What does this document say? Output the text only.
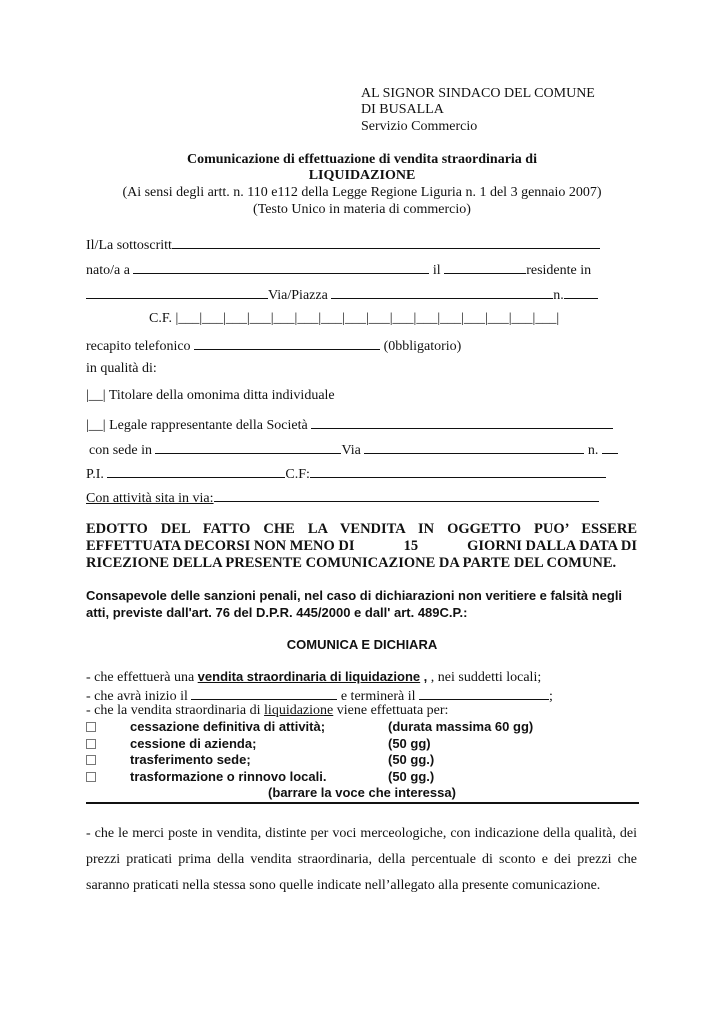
AL SIGNOR SINDACO DEL COMUNE
DI BUSALLA
Servizio Commercio
Comunicazione di effettuazione di vendita straordinaria di
LIQUIDAZIONE
(Ai sensi degli artt. n. 110 e112 della Legge Regione Liguria n. 1 del 3 gennaio 2007)
(Testo Unico in materia di commercio)
Il/La sottoscritt
nato/a a	il	residente in
Via/Piazza	n.
C.F. |___|___|___|___|___|___|___|___|___|___|___|___|___|___|___|___|
recapito telefonico	(0bbligatorio)
in qualità di:
|__| Titolare della omonima ditta individuale
|__| Legale rappresentante della Società
con sede in	Via	n.
P.I.	C.F:
Con attività sita in via:
EDOTTO DEL FATTO CHE LA VENDITA IN OGGETTO PUO’ ESSERE
EFFETTUATA DECORSI NON MENO DI	15	GIORNI DALLA DATA DI
RICEZIONE DELLA PRESENTE COMUNICAZIONE DA PARTE DEL COMUNE.
Consapevole delle sanzioni penali, nel caso di dichiarazioni non veritiere e falsità negli
atti, previste dall'art. 76 del D.P.R. 445/2000 e dall' art. 489C.P.:
COMUNICA E DICHIARA
- che effettuerà una vendita straordinaria di liquidazione , , nei suddetti locali;
- che avrà inizio il	e terminerà il	;
- che la vendita straordinaria di liquidazione viene effettuata per:
cessazione definitiva di attività;	(durata massima 60 gg)
cessione di azienda;	(50 gg)
trasferimento sede;	(50 gg.)
trasformazione o rinnovo locali.	(50 gg.)
(barrare la voce che interessa)
- che le merci poste in vendita, distinte per voci merceologiche, con indicazione della qualità, dei
prezzi praticati prima della vendita straordinaria, della percentuale di sconto e dei prezzi che
saranno praticati nella stessa sono quelle indicate nell’allegato alla presente comunicazione.
